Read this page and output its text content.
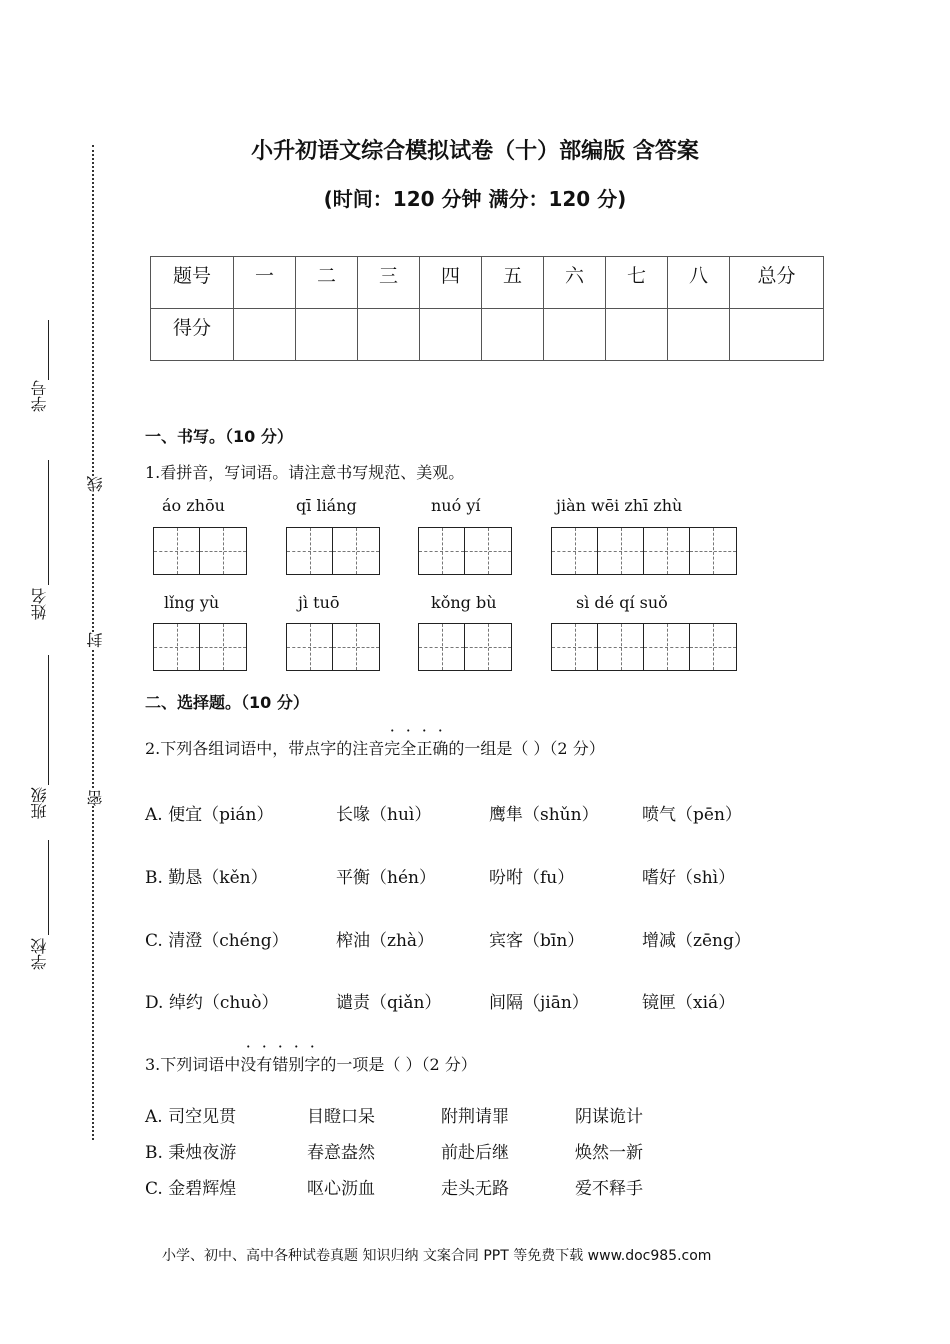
学号
姓名
班级
学校
线
封
密
小升初语文综合模拟试卷（十）部编版 含答案
(时间：120 分钟 满分：120 分)
题号	一	二	三	四	五	六	七	八	总分
得分									
一、书写。（10 分）
1.看拼音，写词语。请注意书写规范、美观。
áo zhōu	qī liáng	nuó yí	jiàn wēi zhī zhù
lǐng yù	jì tuō	kǒng bù	sì dé qí suǒ
二、选择题。（10 分）
2.下列各组词语中，带点字的注音完全正确的一组是（ ）（2 分）
A. 便宜（pián）	长喙（huì）	鹰隼（shǔn）	喷气（pēn）
B. 勤恳（kěn）	平衡（hén）	吩咐（fu）	嗜好（shì）
C. 清澄（chéng）	榨油（zhà）	宾客（bīn）	增减（zēng）
D. 绰约（chuò）	谴责（qiǎn）	间隔（jiān）	镜匣（xiá）
3.下列词语中没有错别字的一项是（ ）（2 分）
A. 司空见贯	目瞪口呆	附荆请罪	阴谋诡计
B. 秉烛夜游	春意盎然	前赴后继	焕然一新
C. 金碧辉煌	呕心沥血	走头无路	爱不释手
小学、初中、高中各种试卷真题 知识归纳 文案合同 PPT 等免费下载 www.doc985.com
